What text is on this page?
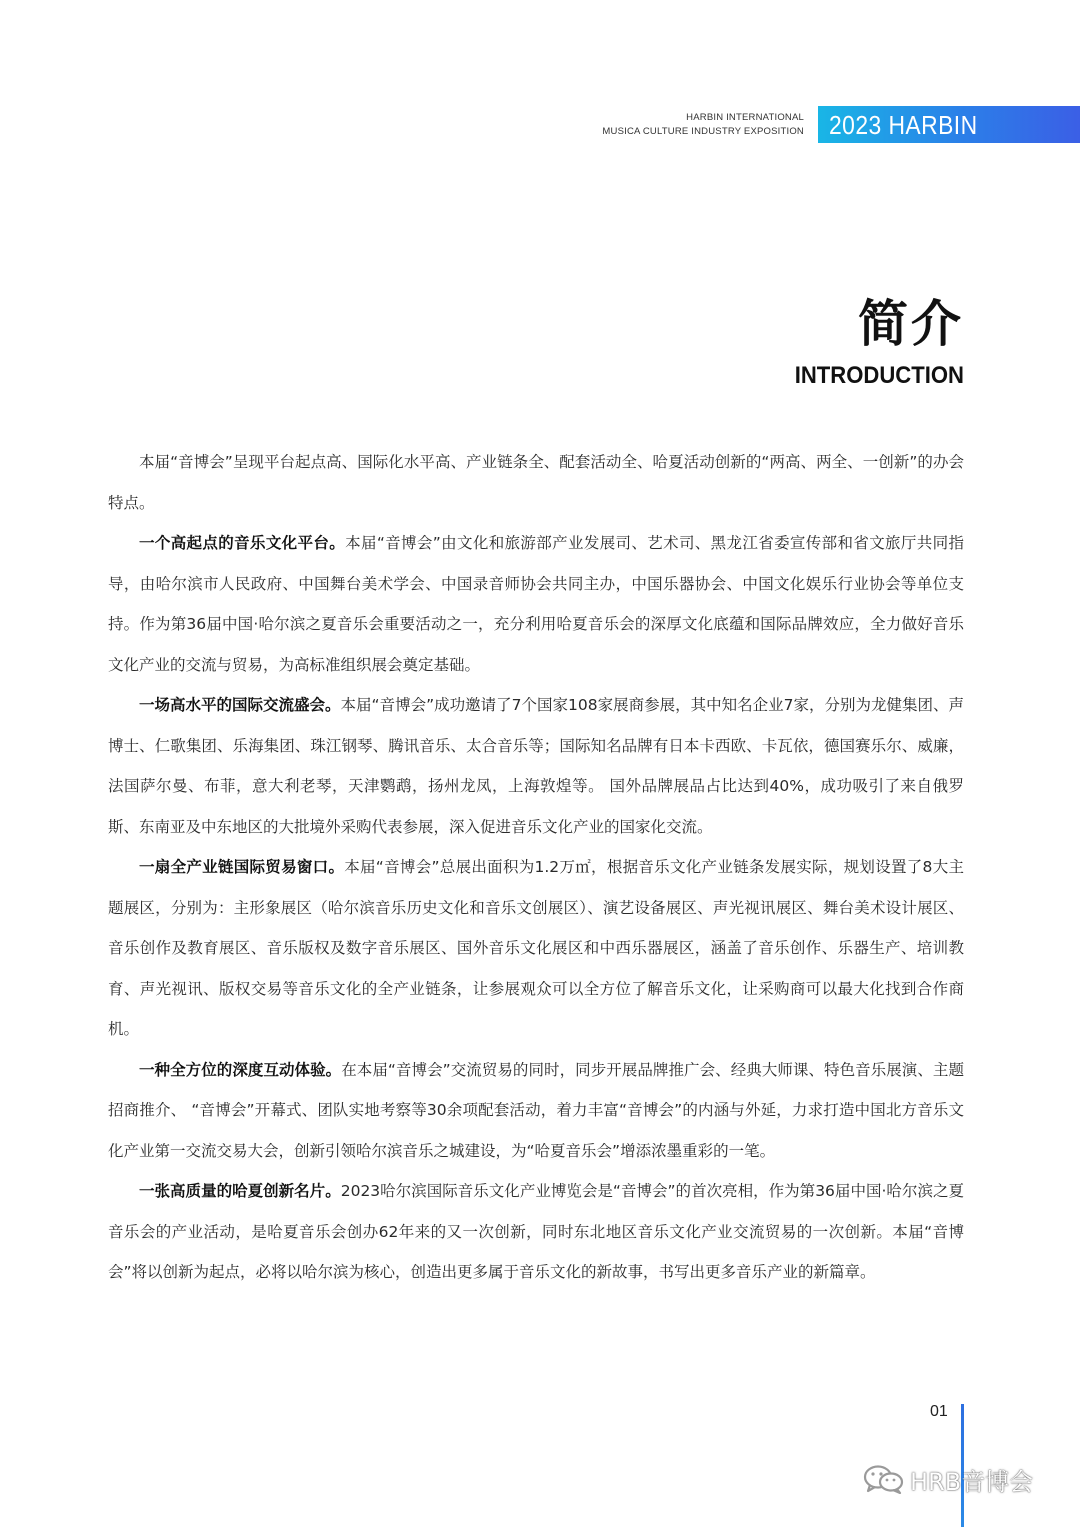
HARBIN INTERNATIONAL
MUSICA CULTURE INDUSTRY EXPOSITION 2023 HARBIN
简介
INTRODUCTION

本届“音博会”呈现平台起点高、国际化水平高、产业链条全、配套活动全、哈夏活动创新的“两高、两全、一创新”的办会特点。

一个高起点的音乐文化平台。本届“音博会”由文化和旅游部产业发展司、艺术司、黑龙江省委宣传部和省文旅厅共同指导，由哈尔滨市人民政府、中国舞台美术学会、中国录音师协会共同主办，中国乐器协会、中国文化娱乐行业协会等单位支持。作为第36届中国·哈尔滨之夏音乐会重要活动之一，充分利用哈夏音乐会的深厚文化底蕴和国际品牌效应，全力做好音乐文化产业的交流与贸易，为高标准组织展会奠定基础。

一场高水平的国际交流盛会。本届“音博会”成功邀请了7个国家108家展商参展，其中知名企业7家，分别为龙健集团、声博士、仁歌集团、乐海集团、珠江钢琴、腾讯音乐、太合音乐等；国际知名品牌有日本卡西欧、卡瓦依，德国赛乐尔、威廉，法国萨尔曼、布菲，意大利老琴，天津鹦鹉，扬州龙凤，上海敦煌等。 国外品牌展品占比达到40%，成功吸引了来自俄罗斯、东南亚及中东地区的大批境外采购代表参展，深入促进音乐文化产业的国家化交流。

一扇全产业链国际贸易窗口。本届“音博会”总展出面积为1.2万㎡，根据音乐文化产业链条发展实际，规划设置了8大主题展区，分别为：主形象展区（哈尔滨音乐历史文化和音乐文创展区）、演艺设备展区、声光视讯展区、舞台美术设计展区、音乐创作及教育展区、音乐版权及数字音乐展区、国外音乐文化展区和中西乐器展区，涵盖了音乐创作、乐器生产、培训教育、声光视讯、版权交易等音乐文化的全产业链条，让参展观众可以全方位了解音乐文化，让采购商可以最大化找到合作商机。

一种全方位的深度互动体验。在本届“音博会”交流贸易的同时，同步开展品牌推广会、经典大师课、特色音乐展演、主题招商推介、 “音博会”开幕式、团队实地考察等30余项配套活动，着力丰富“音博会”的内涵与外延，力求打造中国北方音乐文化产业第一交流交易大会，创新引领哈尔滨音乐之城建设，为“哈夏音乐会”增添浓墨重彩的一笔。

一张高质量的哈夏创新名片。2023哈尔滨国际音乐文化产业博览会是“音博会”的首次亮相，作为第36届中国·哈尔滨之夏音乐会的产业活动，是哈夏音乐会创办62年来的又一次创新，同时东北地区音乐文化产业交流贸易的一次创新。本届“音博会”将以创新为起点，必将以哈尔滨为核心，创造出更多属于音乐文化的新故事，书写出更多音乐产业的新篇章。

01
HRB音博会
